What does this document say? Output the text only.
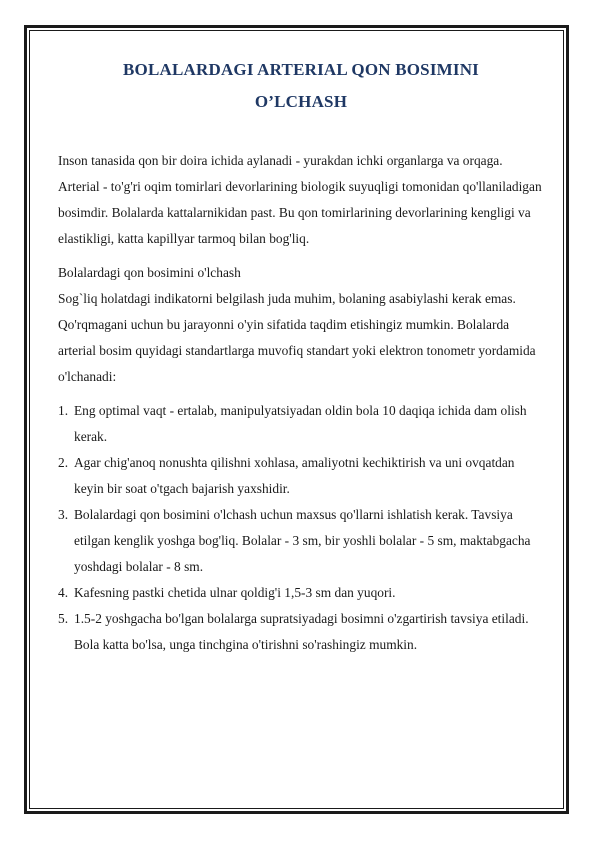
BOLALARDAGI ARTERIAL QON BOSIMINI
O’LCHASH

Inson tanasida qon bir doira ichida aylanadi - yurakdan ichki organlarga va orqaga. Arterial - to'g'ri oqim tomirlari devorlarining biologik suyuqligi tomonidan qo'llaniladigan bosimdir. Bolalarda kattalarnikidan past. Bu qon tomirlarining devorlarining kengligi va elastikligi, katta kapillyar tarmoq bilan bog'liq.

Bolalardagi qon bosimini o'lchash

Sog`liq holatdagi indikatorni belgilash juda muhim, bolaning asabiylashi kerak emas. Qo'rqmagani uchun bu jarayonni o'yin sifatida taqdim etishingiz mumkin. Bolalarda arterial bosim quyidagi standartlarga muvofiq standart yoki elektron tonometr yordamida o'lchanadi:

1. Eng optimal vaqt - ertalab, manipulyatsiyadan oldin bola 10 daqiqa ichida dam olish kerak.
2. Agar chig'anoq nonushta qilishni xohlasa, amaliyotni kechiktirish va uni ovqatdan keyin bir soat o'tgach bajarish yaxshidir.
3. Bolalardagi qon bosimini o'lchash uchun maxsus qo'llarni ishlatish kerak. Tavsiya etilgan kenglik yoshga bog'liq. Bolalar - 3 sm, bir yoshli bolalar - 5 sm, maktabgacha yoshdagi bolalar - 8 sm.
4. Kafesning pastki chetida ulnar qoldig'i 1,5-3 sm dan yuqori.
5. 1.5-2 yoshgacha bo'lgan bolalarga supratsiyadagi bosimni o'zgartirish tavsiya etiladi. Bola katta bo'lsa, unga tinchgina o'tirishni so'rashingiz mumkin.
